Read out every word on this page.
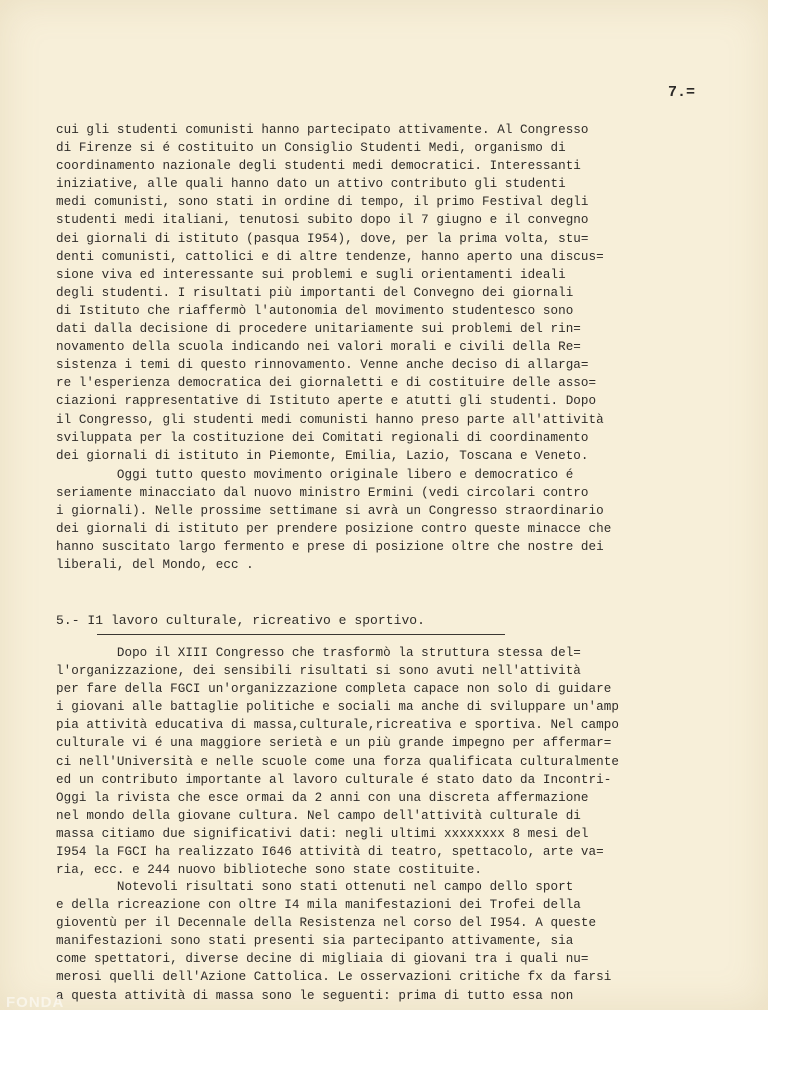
7.=

cui gli studenti comunisti hanno partecipato attivamente. Al Congresso
di Firenze si é costituito un Consiglio Studenti Medi, organismo di
coordinamento nazionale degli studenti medi democratici. Interessanti
iniziative, alle quali hanno dato un attivo contributo gli studenti
medi comunisti, sono stati in ordine di tempo, il primo Festival degli
studenti medi italiani, tenutosi subito dopo il 7 giugno e il convegno
dei giornali di istituto (pasqua I954), dove, per la prima volta, stu=
denti comunisti, cattolici e di altre tendenze, hanno aperto una discus=
sione viva ed interessante sui problemi e sugli orientamenti ideali
degli studenti. I risultati più importanti del Convegno dei giornali
di Istituto che riaffermò l'autonomia del movimento studentesco sono
dati dalla decisione di procedere unitariamente sui problemi del rin=
novamento della scuola indicando nei valori morali e civili della Re=
sistenza i temi di questo rinnovamento. Venne anche deciso di allarga=
re l'esperienza democratica dei giornaletti e di costituire delle asso=
ciazioni rappresentative di Istituto aperte e atutti gli studenti. Dopo
il Congresso, gli studenti medi comunisti hanno preso parte all'attività
sviluppata per la costituzione dei Comitati regionali di coordinamento
dei giornali di istituto in Piemonte, Emilia, Lazio, Toscana e Veneto.

Oggi tutto questo movimento originale libero e democratico é
seriamente minacciato dal nuovo ministro Ermini (vedi circolari contro
i giornali). Nelle prossime settimane si avrà un Congresso straordinario
dei giornali di istituto per prendere posizione contro queste minacce che
hanno suscitato largo fermento e prese di posizione oltre che nostre dei
liberali, del Mondo, ecc .

5.- I1 lavoro culturale, ricreativo e sportivo.

Dopo il XIII Congresso che trasformò la struttura stessa del=
l'organizzazione, dei sensibili risultati si sono avuti nell'attività
per fare della FGCI un'organizzazione completa capace non solo di guidare
i giovani alle battaglie politiche e sociali ma anche di sviluppare un'amp
pia attività educativa di massa,culturale,ricreativa e sportiva. Nel campo
culturale vi é una maggiore serietà e un più grande impegno per affermar=
ci nell'Università e nelle scuole come una forza qualificata culturalmente
ed un contributo importante al lavoro culturale é stato dato da Incontri-
Oggi la rivista che esce ormai da 2 anni con una discreta affermazione
nel mondo della giovane cultura. Nel campo dell'attività culturale di
massa citiamo due significativi dati: negli ultimi xxxxxxxx 8 mesi del
I954 la FGCI ha realizzato I646 attività di teatro, spettacolo, arte va=
ria, ecc. e 244 nuovo biblioteche sono state costituite.

Notevoli risultati sono stati ottenuti nel campo dello sport
e della ricreazione con oltre I4 mila manifestazioni dei Trofei della
gioventù per il Decennale della Resistenza nel corso del I954. A queste
manifestazioni sono stati presenti sia partecipanto attivamente, sia
come spettatori, diverse decine di migliaia di giovani tra i quali nu=
merosi quelli dell'Azione Cattolica. Le osservazioni critiche fx da farsi
a questa attività di massa sono le seguenti: prima di tutto essa non

FONDA
